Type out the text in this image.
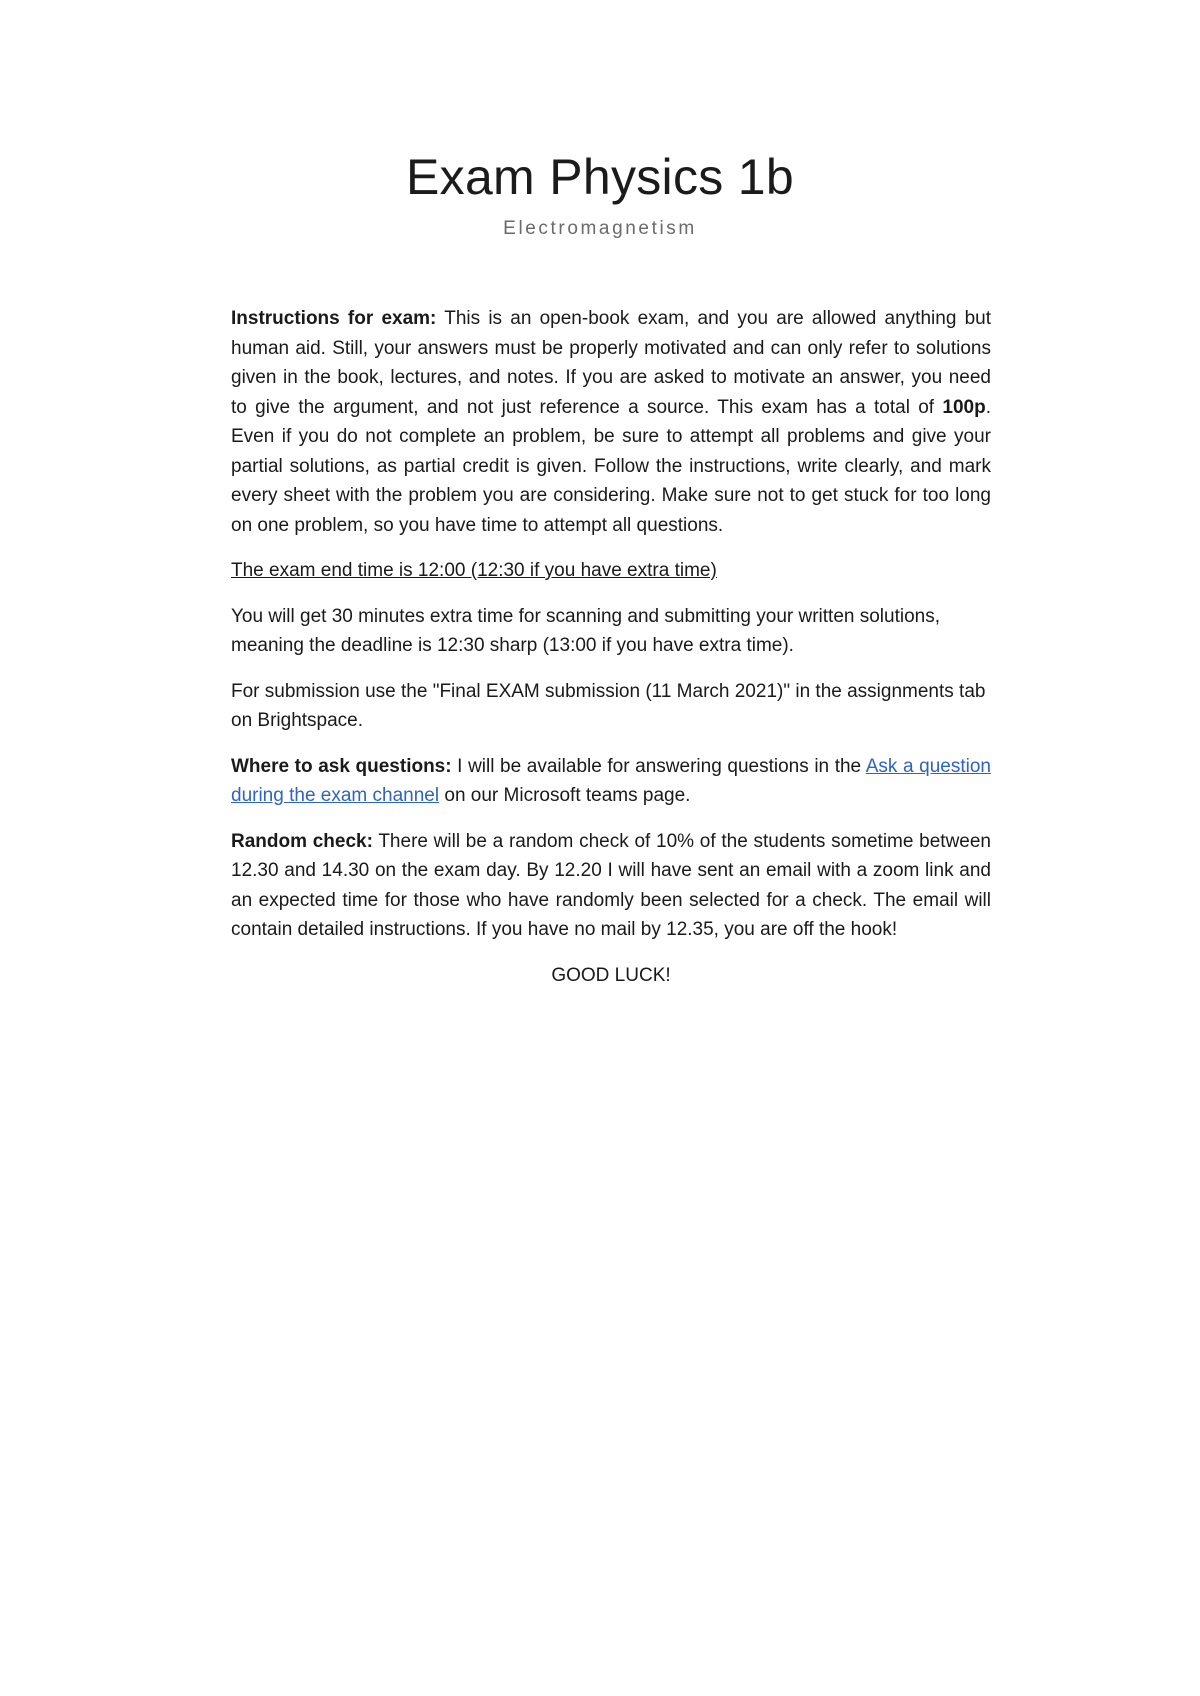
Exam Physics 1b
Electromagnetism

Instructions for exam: This is an open-book exam, and you are allowed anything but human aid. Still, your answers must be properly motivated and can only refer to solutions given in the book, lectures, and notes. If you are asked to motivate an answer, you need to give the argument, and not just reference a source. This exam has a total of 100p. Even if you do not complete an problem, be sure to attempt all problems and give your partial solutions, as partial credit is given. Follow the instructions, write clearly, and mark every sheet with the problem you are considering. Make sure not to get stuck for too long on one problem, so you have time to attempt all questions.

The exam end time is 12:00 (12:30 if you have extra time)

You will get 30 minutes extra time for scanning and submitting your written solutions, meaning the deadline is 12:30 sharp (13:00 if you have extra time).

For submission use the "Final EXAM submission (11 March 2021)" in the assignments tab on Brightspace.

Where to ask questions: I will be available for answering questions in the Ask a question during the exam channel on our Microsoft teams page.

Random check: There will be a random check of 10% of the students sometime between 12.30 and 14.30 on the exam day. By 12.20 I will have sent an email with a zoom link and an expected time for those who have randomly been selected for a check. The email will contain detailed instructions. If you have no mail by 12.35, you are off the hook!

GOOD LUCK!
